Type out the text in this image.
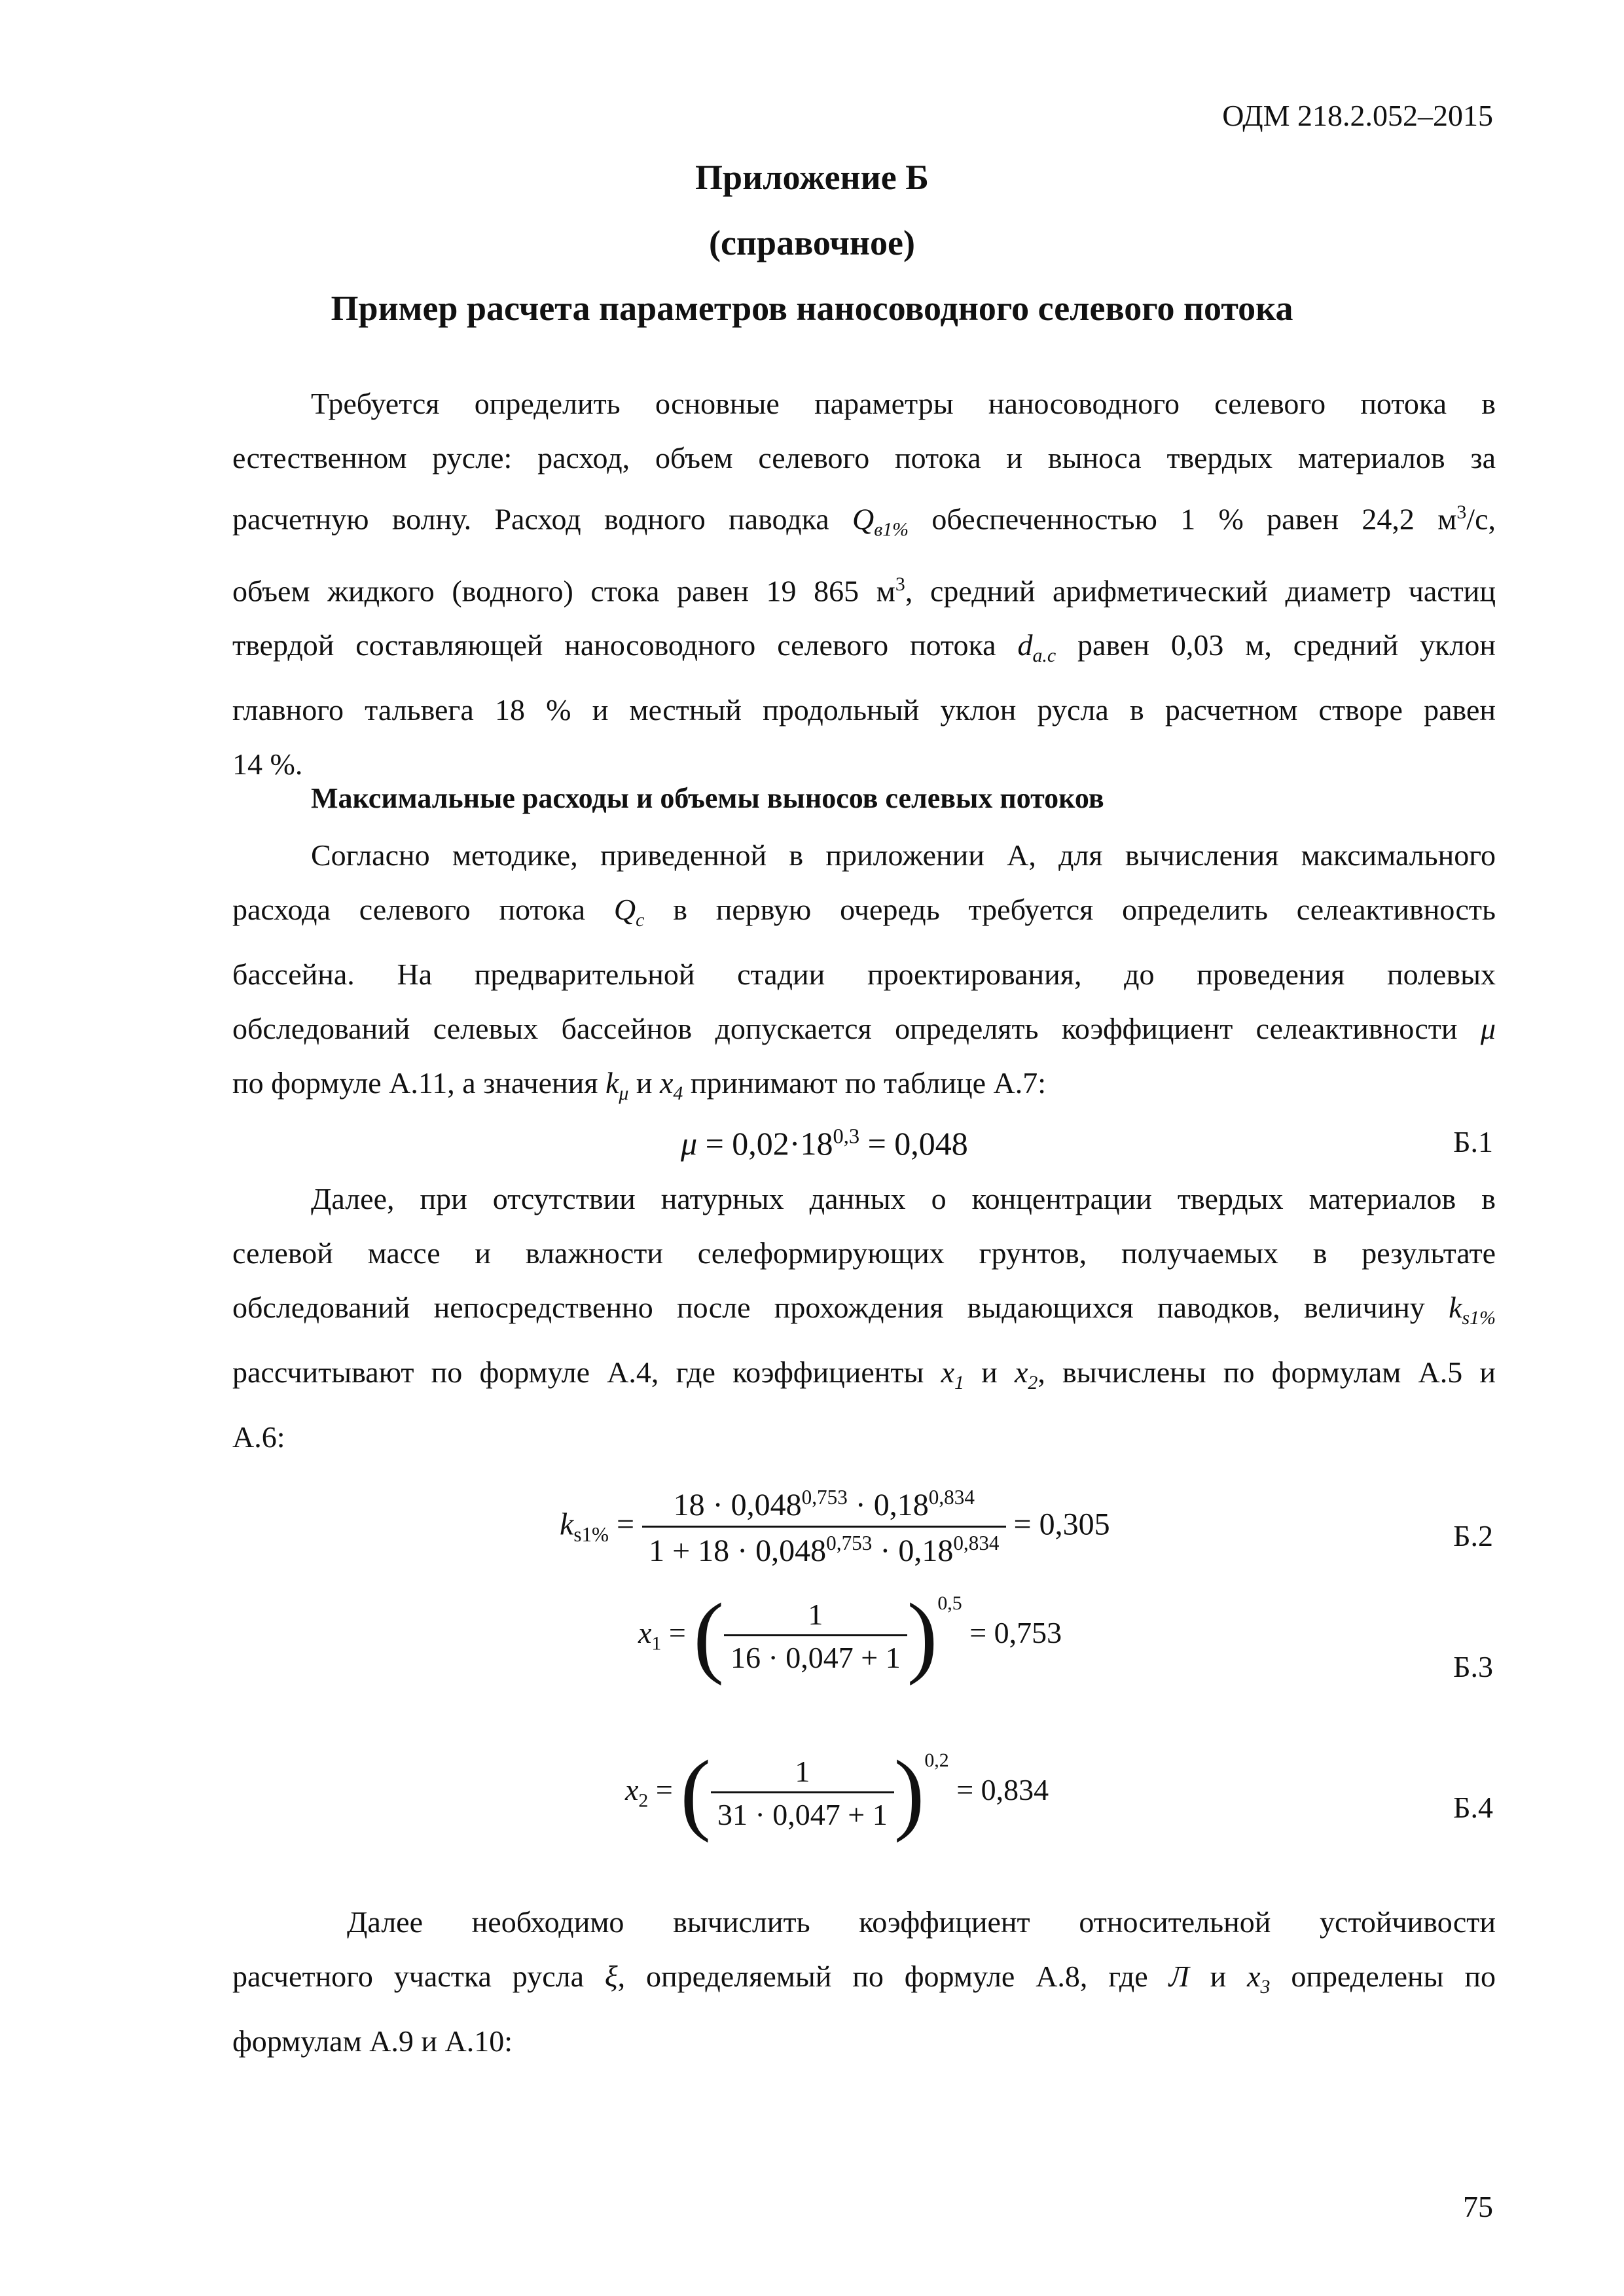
ОДМ 218.2.052–2015
Приложение Б
(справочное)
Пример расчета параметров наносоводного селевого потока
Требуется определить основные параметры наносоводного селевого потока в
естественном русле: расход, объем селевого потока и выноса твердых материалов за
расчетную волну. Расход водного паводка $Q_{в1\%}$ обеспеченностью 1 % равен 24,2 $м^3/с$,
объем жидкого (водного) стока равен 19 865 $м^3$, средний арифметический диаметр частиц
твердой составляющей наносоводного селевого потока $d_{а.с}$ равен 0,03 м, средний уклон
главного тальвега 18 % и местный продольный уклон русла в расчетном створе равен
14 %.
Максимальные расходы и объемы выносов селевых потоков
Согласно методике, приведенной в приложении А, для вычисления максимального
расхода селевого потока $Q_c$ в первую очередь требуется определить селеактивность
бассейна. На предварительной стадии проектирования, до проведения полевых
обследований селевых бассейнов допускается определять коэффициент селеактивности μ
по формуле А.11, а значения $k_\mu$ и $x_4$ принимают по таблице А.7:
$\mu = 0,02\cdot 18^{0,3} = 0,048$	Б.1
Далее, при отсутствии натурных данных о концентрации твердых материалов в
селевой массе и влажности селеформирующих грунтов, получаемых в результате
обследований непосредственно после прохождения выдающихся паводков, величину $k_{s1\%}$
рассчитывают по формуле А.4, где коэффициенты $x_1$ и $x_2$, вычислены по формулам А.5 и
А.6:
$k_{s1\%} = \frac{18 \cdot 0,048^{0,753} \cdot 0,18^{0,834}}{1 + 18 \cdot 0,048^{0,753} \cdot 0,18^{0,834}} = 0,305$	Б.2
$x_1$ = ( $\frac{1}{16 \cdot 0,047 + 1} )^{0,5} = 0,753$
Б.3
$x_2$ = ( $\frac{1}{31 \cdot 0,047 + 1} )^{0,2} = 0,834$
Б.4
Далее необходимо вычислить коэффициент относительной устойчивости
расчетного участка русла ξ, определяемый по формуле А.8, где Л и $x_3$ определены по
формулам А.9 и А.10:
75
